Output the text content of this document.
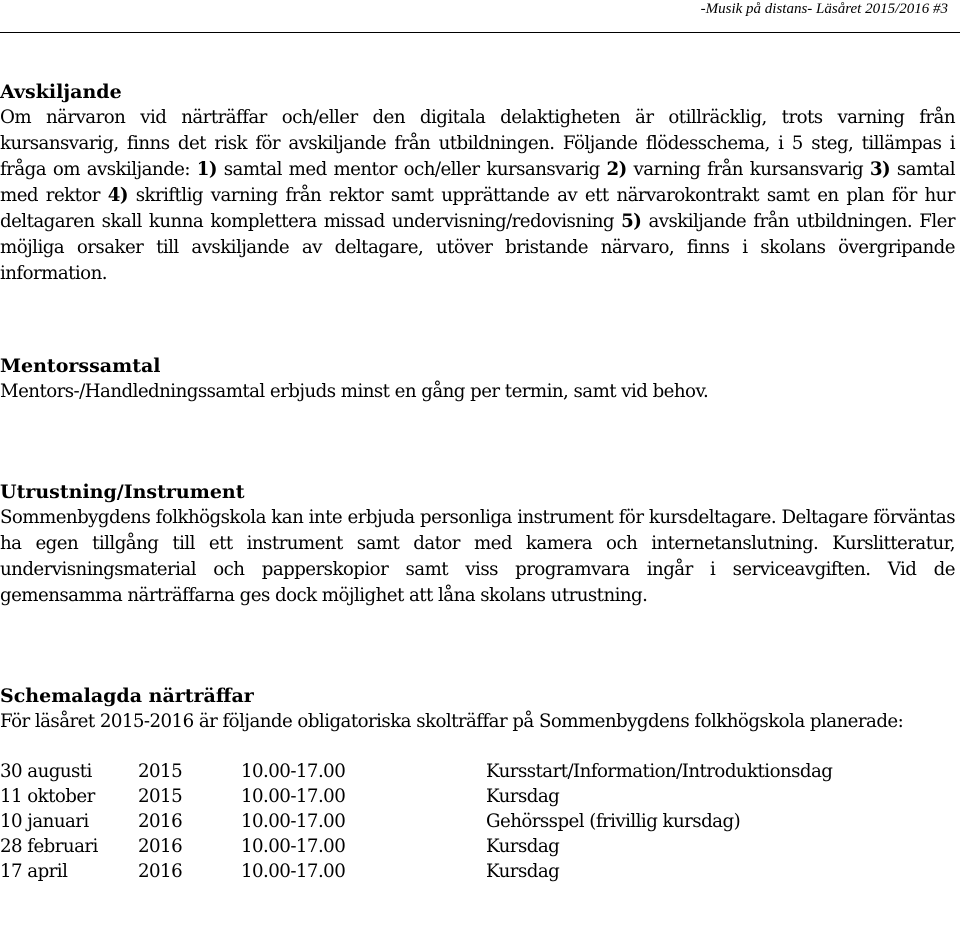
-Musik på distans- Läsåret 2015/2016 #3
Avskiljande

Om närvaron vid närträffar och/eller den digitala delaktigheten är otillräcklig, trots varning från kursansvarig, finns det risk för avskiljande från utbildningen. Följande flödesschema, i 5 steg, tillämpas i fråga om avskiljande: 1) samtal med mentor och/eller kursansvarig 2) varning från kursansvarig 3) samtal med rektor 4) skriftlig varning från rektor samt upprättande av ett närvarokontrakt samt en plan för hur deltagaren skall kunna komplettera missad undervisning/redovisning 5) avskiljande från utbildningen. Fler möjliga orsaker till avskiljande av deltagare, utöver bristande närvaro, finns i skolans övergripande information.

Mentorssamtal

Mentors-/Handledningssamtal erbjuds minst en gång per termin, samt vid behov.

Utrustning/Instrument

Sommenbygdens folkhögskola kan inte erbjuda personliga instrument för kursdeltagare. Deltagare förväntas ha egen tillgång till ett instrument samt dator med kamera och internetanslutning. Kurslitteratur, undervisningsmaterial och papperskopior samt viss programvara ingår i serviceavgiften. Vid de gemensamma närträffarna ges dock möjlighet att låna skolans utrustning.

Schemalagda närträffar

För läsåret 2015-2016 är följande obligatoriska skolträffar på Sommenbygdens folkhögskola planerade:

30 augusti	2015	10.00-17.00	Kursstart/Information/Introduktionsdag
11 oktober	2015	10.00-17.00	Kursdag
10 januari	2016	10.00-17.00	Gehörsspel (frivillig kursdag)
28 februari	2016	10.00-17.00	Kursdag
17 april	2016	10.00-17.00	Kursdag
